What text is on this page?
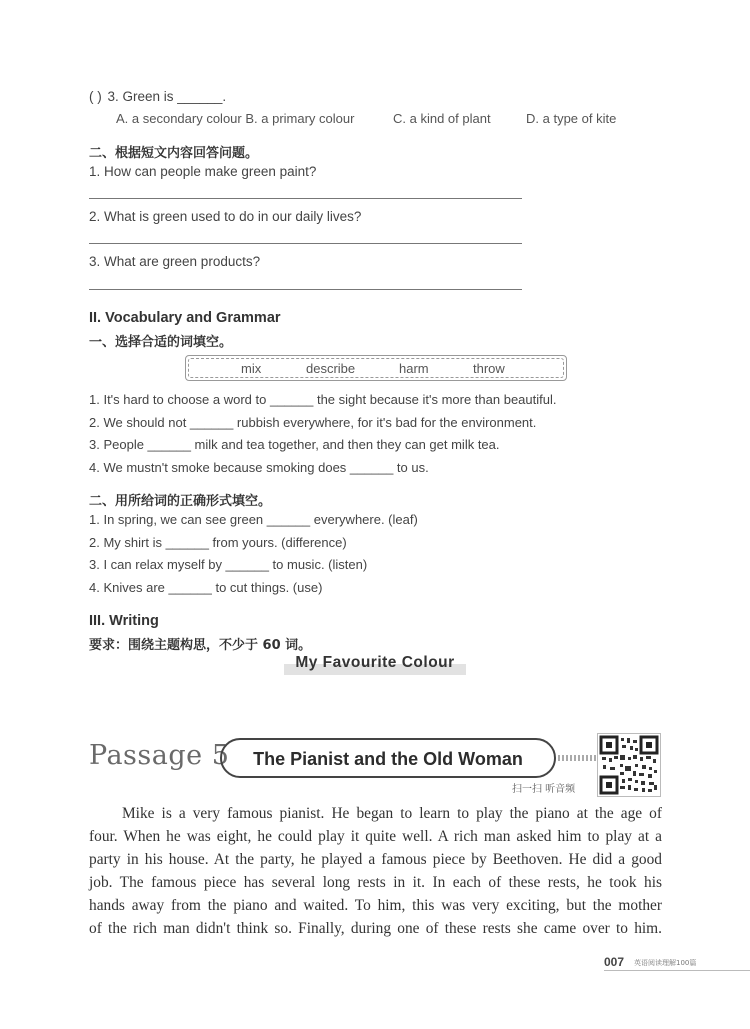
( ) 3. Green is ______.
A. a secondary colour B. a primary colour	C. a kind of plant	D. a type of kite
二、根据短文内容回答问题。
1. How can people make green paint?
2. What is green used to do in our daily lives?
3. What are green products?
II. Vocabulary and Grammar
一、选择合适的词填空。
mix	describe	harm	throw
1. It's hard to choose a word to ______ the sight because it's more than beautiful.
2. We should not ______ rubbish everywhere, for it's bad for the environment.
3. People ______ milk and tea together, and then they can get milk tea.
4. We mustn't smoke because smoking does ______ to us.
二、用所给词的正确形式填空。
1. In spring, we can see green ______ everywhere. (leaf)
2. My shirt is ______ from yours. (difference)
3. I can relax myself by ______ to music. (listen)
4. Knives are ______ to cut things. (use)
III. Writing
要求：围绕主题构思，不少于 60 词。
My Favourite Colour
Passage 5	The Pianist and the Old Woman
扫一扫 听音频
Mike is a very famous pianist. He began to learn to play the piano at the age of
four. When he was eight, he could play it quite well. A rich man asked him to play at a
party in his house. At the party, he played a famous piece by Beethoven. He did a good
job. The famous piece has several long rests in it. In each of these rests, he took his
hands away from the piano and waited. To him, this was very exciting, but the mother
of the rich man didn't think so. Finally, during one of these rests she came over to him.
007 英语阅读理解100篇
